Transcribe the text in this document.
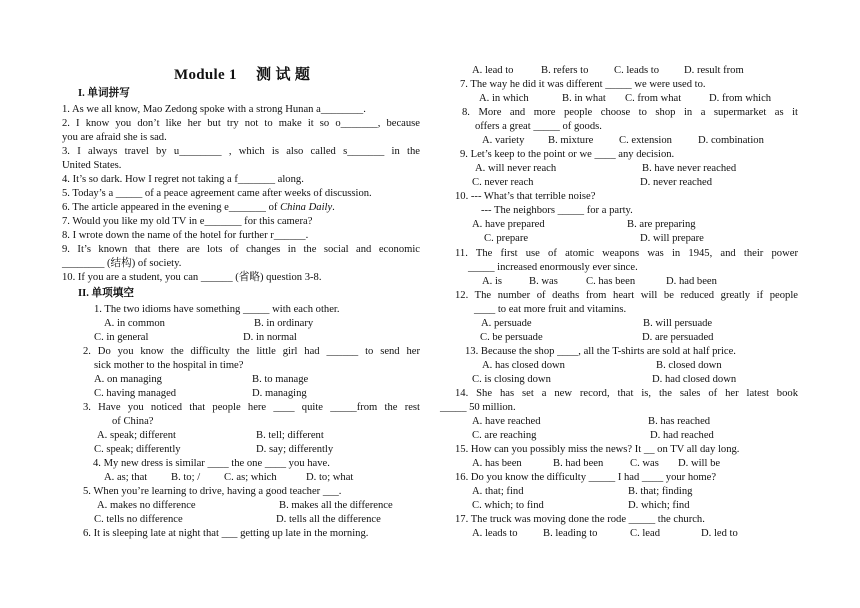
Module 1　 测 试 题
I. 单词拼写
1. As we all know, Mao Zedong spoke with a strong Hunan a________.
2. I know you don’t like her but try not to make it so o_______, because
you are afraid she is sad.
3. I always travel by u________ , which is also called s_______ in the
United States.
4. It’s so dark. How I regret not taking a f_______ along.
5. Today’s a _____ of a peace agreement came after weeks of discussion.
6. The article appeared in the evening e_______ of China Daily.
7. Would you like my old TV in e_______ for this camera?
8. I wrote down the name of the hotel for further r______.
9. It’s known that there are lots of changes in the social and economic
________ (结构) of society.
10. If you are a student, you can ______ (省略) question 3-8.
II. 单项填空
1. The two idioms have something _____ with each other.
A. in common	B. in ordinary
C. in general	D. in normal
2. Do you know the difficulty the little girl had ______ to send her
sick mother to the hospital in time?
A. on managing	B. to manage
C. having managed	D. managing
3. Have you noticed that people here ____ quite _____from the rest
of China?
A. speak; different	B. tell; different
C. speak; differently	D. say; differently
4. My new dress is similar ____ the one ____ you have.
A. as; that B. to; / C. as; which	D. to; what
5. When you’re learning to drive, having a good teacher ___.
A. makes no difference	B. makes all the difference
C. tells no difference	D. tells all the difference
6. It is sleeping late at night that ___ getting up late in the morning.
A. lead to	B. refers to C. leads to D. result from
7. The way he did it was different _____ we were used to.
A. in which	B. in what C. from what	D. from which
8. More and more people choose to shop in a supermarket as it
offers a great _____ of goods.
A. variety B. mixture C. extension D. combination
9. Let’s keep to the point or we ____ any decision.
A. will never reach	B. have never reached
C. never reach	D. never reached
10. --- What’s that terrible noise?
--- The neighbors _____ for a party.
A. have prepared	B. are preparing
C. prepare	D. will prepare
11. The first use of atomic weapons was in 1945, and their power
_____ increased enormously ever since.
A. is	B. was	C. has been	D. had been
12. The number of deaths from heart will be reduced greatly if people
____ to eat more fruit and vitamins.
A. persuade	B. will persuade
C. be persuade	D. are persuaded
13. Because the shop ____, all the T-shirts are sold at half price.
A. has closed down	B. closed down
C. is closing down	D. had closed down
14. She has set a new record, that is, the sales of her latest book
_____ 50 million.
A. have reached	B. has reached
C. are reaching	D. had reached
15. How can you possibly miss the news? It __ on TV all day long.
A. has been	B. had been	C. was D. will be
16. Do you know the difficulty _____ I had ____ your home?
A. that; find	B. that; finding
C. which; to find	D. which; find
17. The truck was moving done the rode _____ the church.
A. leads to B. leading to	C. lead	D. led to
